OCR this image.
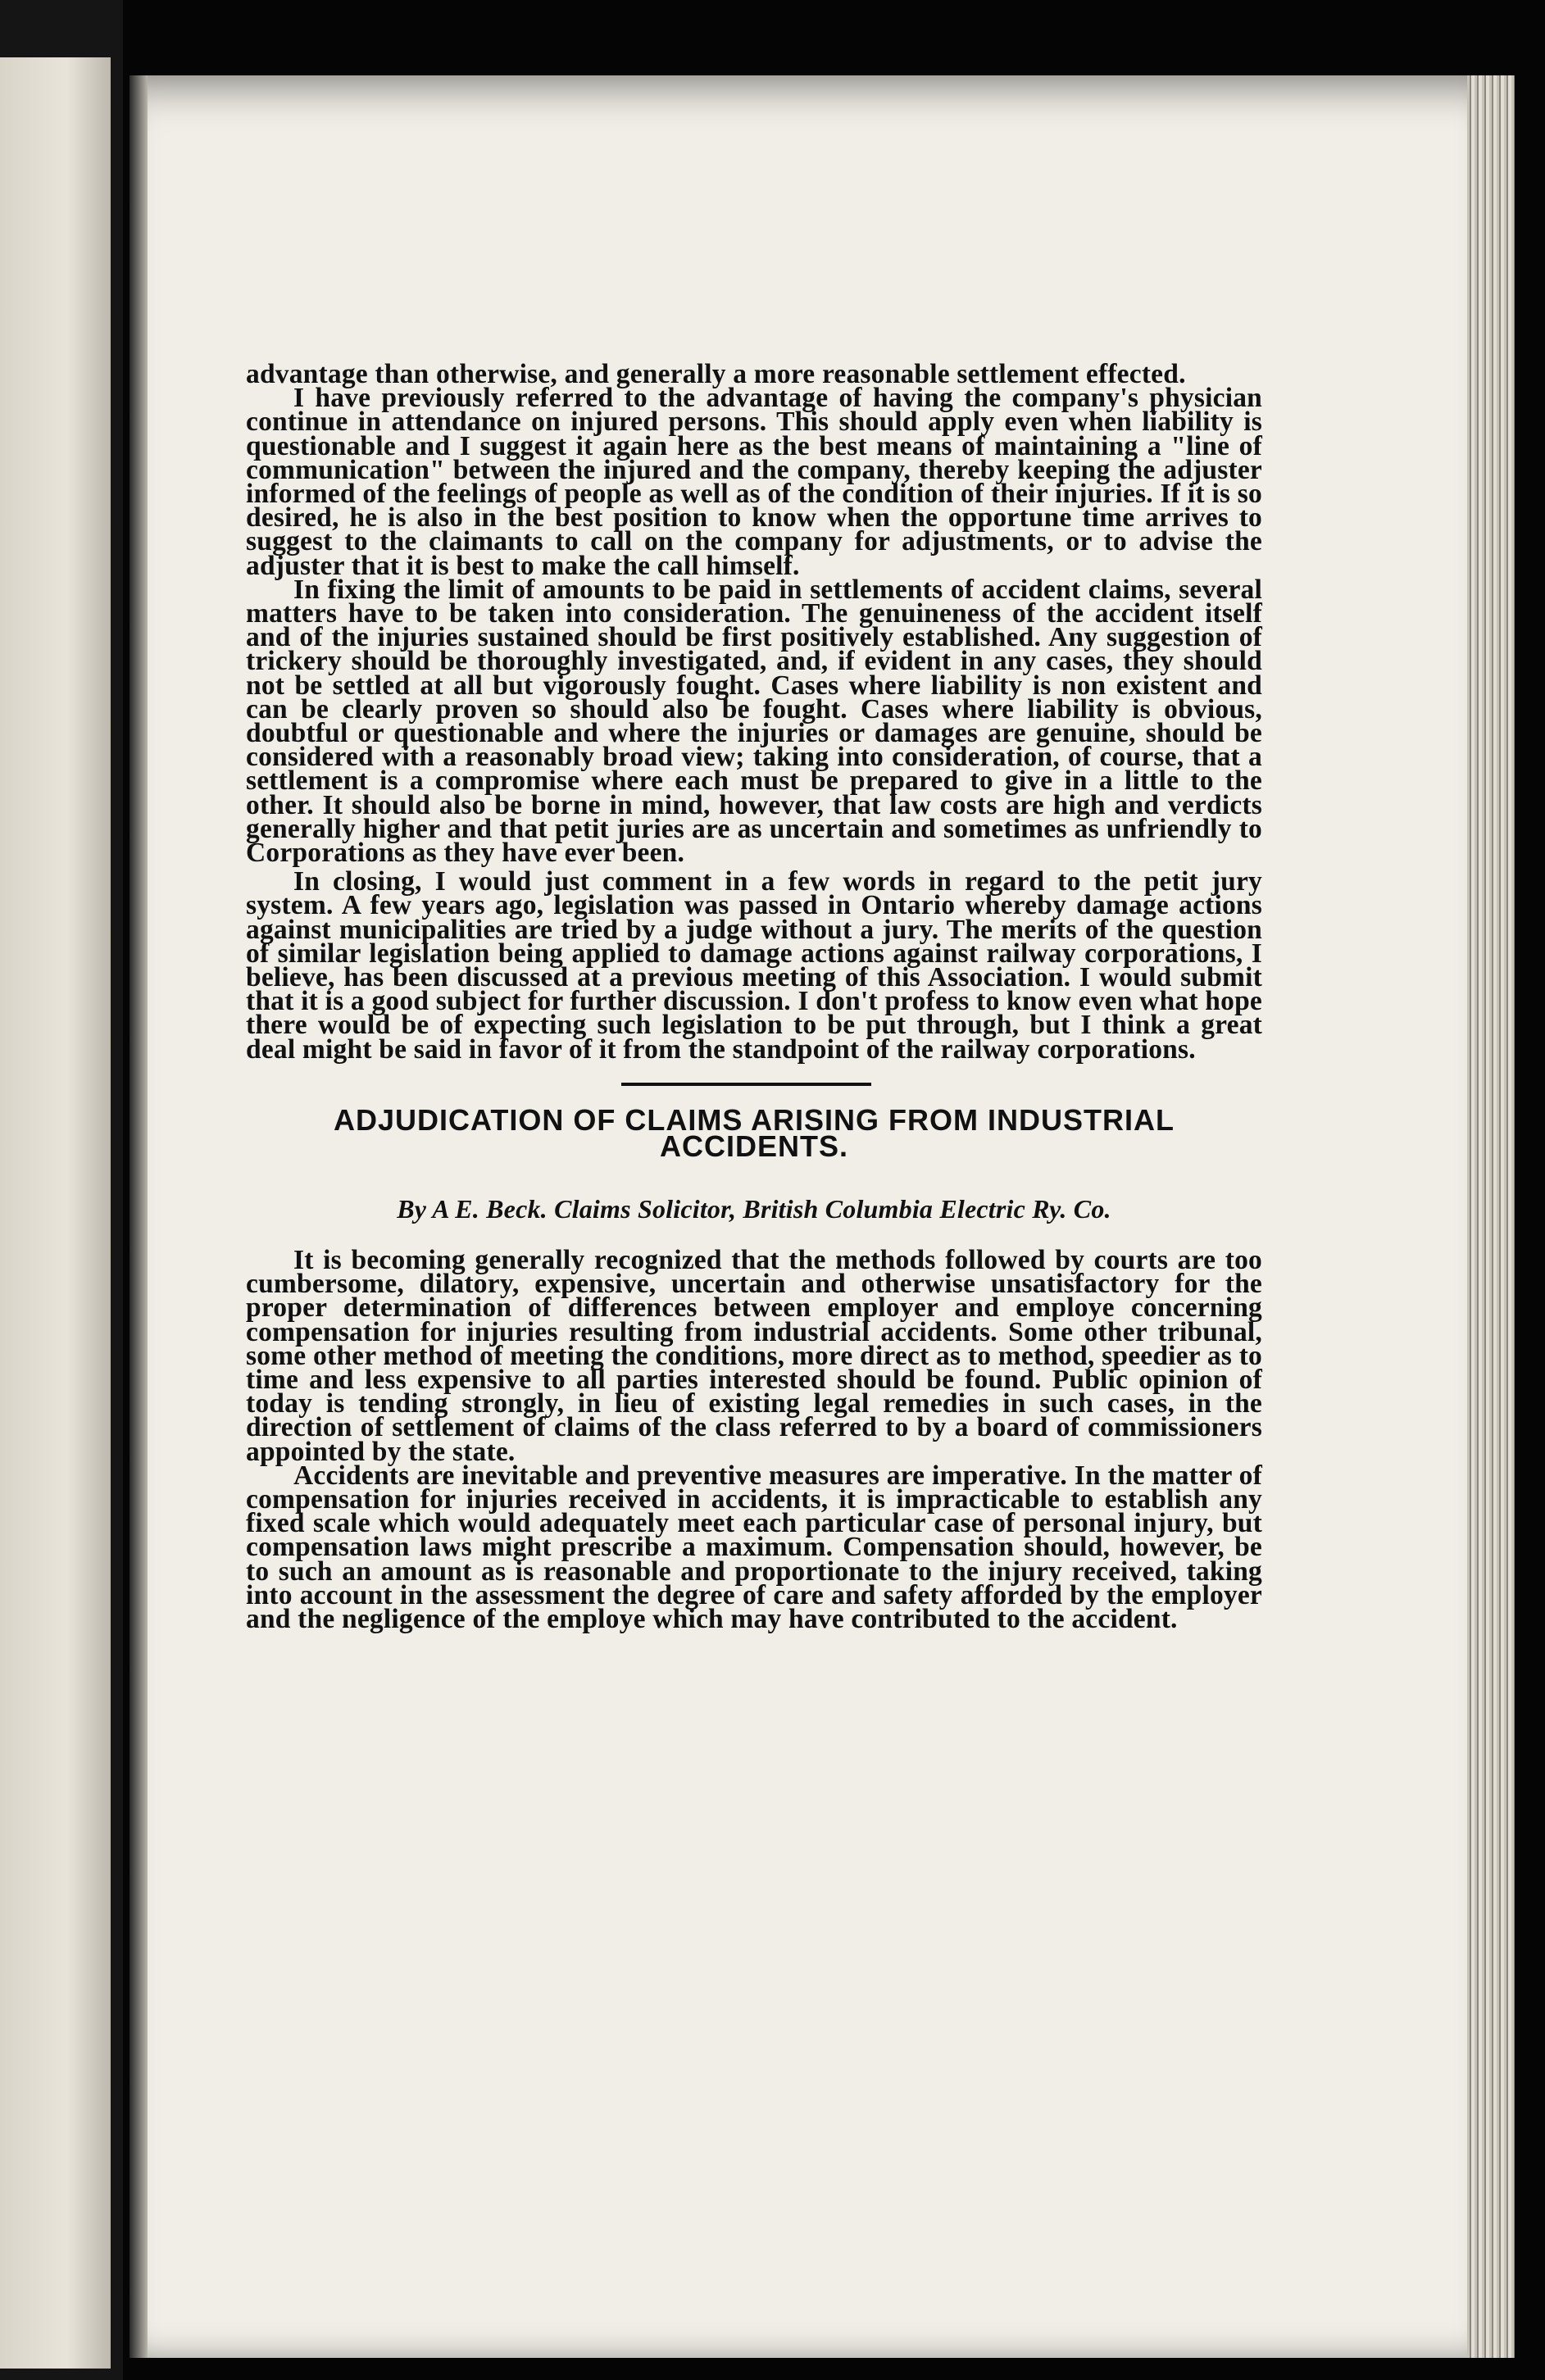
advantage than otherwise, and generally a more reasonable settlement effected.

I have previously referred to the advantage of having the company's physician continue in attendance on injured persons. This should apply even when liability is questionable and I suggest it again here as the best means of maintaining a "line of communication" between the injured and the company, thereby keeping the adjuster informed of the feelings of people as well as of the condition of their injuries. If it is so desired, he is also in the best position to know when the opportune time arrives to suggest to the claimants to call on the company for adjustments, or to advise the adjuster that it is best to make the call himself.

In fixing the limit of amounts to be paid in settlements of accident claims, several matters have to be taken into consideration. The genuineness of the accident itself and of the injuries sustained should be first positively established. Any suggestion of trickery should be thoroughly investigated, and, if evident in any cases, they should not be settled at all but vigorously fought. Cases where liability is non existent and can be clearly proven so should also be fought. Cases where liability is obvious, doubtful or questionable and where the injuries or damages are genuine, should be considered with a reasonably broad view; taking into consideration, of course, that a settlement is a compromise where each must be prepared to give in a little to the other. It should also be borne in mind, however, that law costs are high and verdicts generally higher and that petit juries are as uncertain and sometimes as unfriendly to Corporations as they have ever been.

In closing, I would just comment in a few words in regard to the petit jury system. A few years ago, legislation was passed in Ontario whereby damage actions against municipalities are tried by a judge without a jury. The merits of the question of similar legislation being applied to damage actions against railway corporations, I believe, has been discussed at a previous meeting of this Association. I would submit that it is a good subject for further discussion. I don't profess to know even what hope there would be of expecting such legislation to be put through, but I think a great deal might be said in favor of it from the standpoint of the railway corporations.

ADJUDICATION OF CLAIMS ARISING FROM INDUSTRIAL
ACCIDENTS.
By A E. Beck. Claims Solicitor, British Columbia Electric Ry. Co.

It is becoming generally recognized that the methods followed by courts are too cumbersome, dilatory, expensive, uncertain and otherwise unsatisfactory for the proper determination of differences between employer and employe concerning compensation for injuries resulting from industrial accidents. Some other tribunal, some other method of meeting the conditions, more direct as to method, speedier as to time and less expensive to all parties interested should be found. Public opinion of today is tending strongly, in lieu of existing legal remedies in such cases, in the direction of settlement of claims of the class referred to by a board of commissioners appointed by the state.

Accidents are inevitable and preventive measures are imperative. In the matter of compensation for injuries received in accidents, it is impracticable to establish any fixed scale which would adequately meet each particular case of personal injury, but compensation laws might prescribe a maximum. Compensation should, however, be to such an amount as is reasonable and proportionate to the injury received, taking into account in the assessment the degree of care and safety afforded by the employer and the negligence of the employe which may have contributed to the accident.
